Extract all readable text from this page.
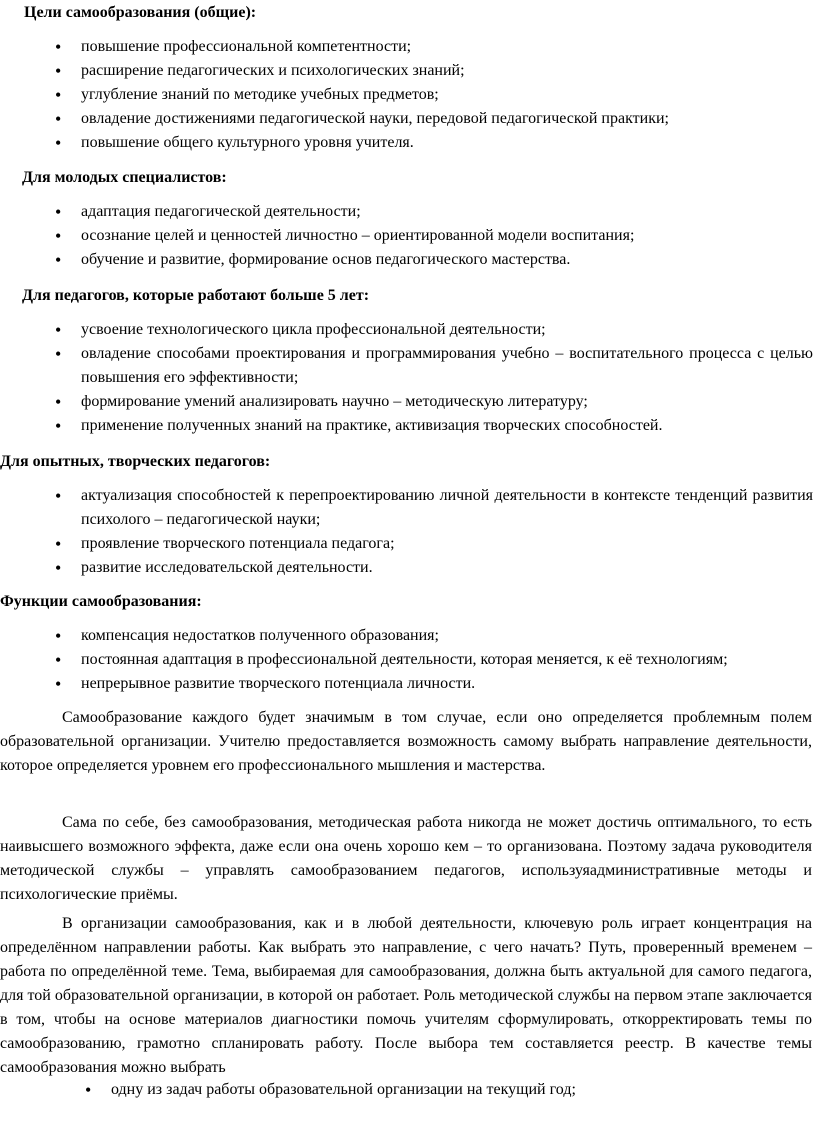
Цели самообразования (общие):
• повышение профессиональной компетентности;
• расширение педагогических и психологических знаний;
• углубление знаний по методике учебных предметов;
• овладение достижениями педагогической науки, передовой педагогической практики;
• повышение общего культурного уровня учителя.
Для молодых специалистов:
• адаптация педагогической деятельности;
• осознание целей и ценностей личностно – ориентированной модели воспитания;
• обучение и развитие, формирование основ педагогического мастерства.
Для педагогов, которые работают больше 5 лет:
• усвоение технологического цикла профессиональной деятельности;
• овладение способами проектирования и программирования учебно – воспитательного процесса с целью повышения его эффективности;
• формирование умений анализировать научно – методическую литературу;
• применение полученных знаний на практике, активизация творческих способностей.
Для опытных, творческих педагогов:
• актуализация способностей к перепроектированию личной деятельности в контексте тенденций развития психолого – педагогической науки;
• проявление творческого потенциала педагога;
• развитие исследовательской деятельности.
Функции самообразования:
• компенсация недостатков полученного образования;
• постоянная адаптация в профессиональной деятельности, которая меняется, к её технологиям;
• непрерывное развитие творческого потенциала личности.

Самообразование каждого будет значимым в том случае, если оно определяется проблемным полем образовательной организации. Учителю предоставляется возможность самому выбрать направление деятельности, которое определяется уровнем его профессионального мышления и мастерства.

Сама по себе, без самообразования, методическая работа никогда не может достичь оптимального, то есть наивысшего возможного эффекта, даже если она очень хорошо кем – то организована. Поэтому задача руководителя методической службы – управлять самообразованием педагогов, используяадминистративные методы и психологические приёмы.

В организации самообразования, как и в любой деятельности, ключевую роль играет концентрация на определённом направлении работы. Как выбрать это направление, с чего начать? Путь, проверенный временем – работа по определённой теме. Тема, выбираемая для самообразования, должна быть актуальной для самого педагога, для той образовательной организации, в которой он работает. Роль методической службы на первом этапе заключается в том, чтобы на основе материалов диагностики помочь учителям сформулировать, откорректировать темы по самообразованию, грамотно спланировать работу. После выбора тем составляется реестр. В качестве темы самообразования можно выбрать

• одну из задач работы образовательной организации на текущий год;
